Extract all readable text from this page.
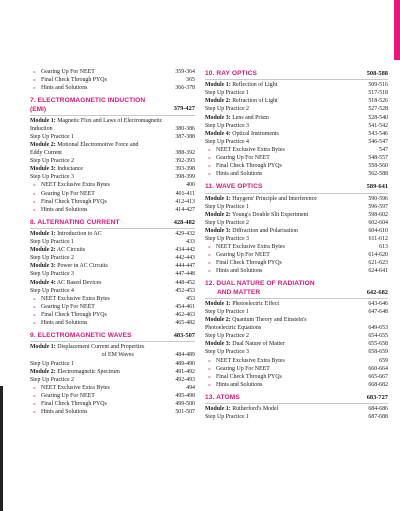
» Gearing Up For NEET	359-364
» Final Check Through PYQs	365
» Hints and Solutions	366-378
7. ELECTROMAGNETIC INDUCTION
(EMI)	379-427
Module 1: Magnetic Flux and Laws of Electromagnetic
Induction	380-386
Step Up Practice 1	387-388
Module 2: Motional Electromotive Force and
Eddy Current	388-392
Step Up Practice 2	392-393
Module 3: Inductance	393-398
Step Up Practice 3	398-399
» NEET Exclusive Extra Bytes	400
» Gearing Up For NEET	401-411
» Final Check Through PYQs	412-413
» Hints and Solutions	414-427
8. ALTERNATING CURRENT	428-482
Module 1: Introduction to AC	429-432
Step Up Practice 1	433
Module 2: AC Circuits	434-442
Step Up Practice 2	442-443
Module 3: Power in AC Circuits	444-447
Step Up Practice 3	447-448
Module 4: AC Based Devices	448-452
Step Up Practice 4	452-453
» NEET Exclusive Extra Bytes	453
» Gearing Up For NEET	454-461
» Final Check Through PYQs	462-463
» Hints and Solutions	465-482
9. ELECTROMAGNETIC WAVES	483-507
Module 1: Displacement Current and Properties
of EM Waves	484-489
Step Up Practice 1	489-490
Module 2: Electromagnetic Spectrum	491-492
Step Up Practice 2	492-493
» NEET Exclusive Extra Bytes	494
» Gearing Up For NEET	495-498
» Final Check Through PYQs	499-500
» Hints and Solutions	501-507
10. RAY OPTICS	508-588
Module 1: Reflection of Light	509-516
Step Up Practice 1	517-518
Module 2: Refraction of Light	518-526
Step Up Practice 2	527-528
Module 3: Lens and Prism	528-540
Step Up Practice 3	541-542
Module 4: Optical Instruments	543-546
Step Up Practice 4	546-547
» NEET Exclusive Extra Bytes	547
» Gearing Up For NEET	548-557
» Final Check Through PYQs	558-560
» Hints and Solutions	562-588
11. WAVE OPTICS	589-641
Module 1: Huygens' Principle and Interference	590-596
Step Up Practice 1	596-597
Module 2: Young's Double Slit Experiment	598-602
Step Up Practice 2	602-604
Module 3: Diffraction and Polarisation	604-610
Step Up Practice 3	611-612
» NEET Exclusive Extra Bytes	613
» Gearing Up For NEET	614-620
» Final Check Through PYQs	621-623
» Hints and Solutions	624-641
12. DUAL NATURE OF RADIATION
AND MATTER	642-682
Module 1: Photoelectric Effect	643-646
Step Up Practice 1	647-648
Module 2: Quantum Theory and Einstein's
Photoelectric Equations	649-653
Step Up Practice 2	654-655
Module 3: Dual Nature of Matter	655-658
Step Up Practice 3	658-659
» NEET Exclusive Extra Bytes	659
» Gearing Up For NEET	660-664
» Final Check Through PYQs	665-667
» Hints and Solutions	668-682
13. ATOMS	683-727
Module 1: Rutherford's Model	684-686
Step Up Practice 1	687-688
